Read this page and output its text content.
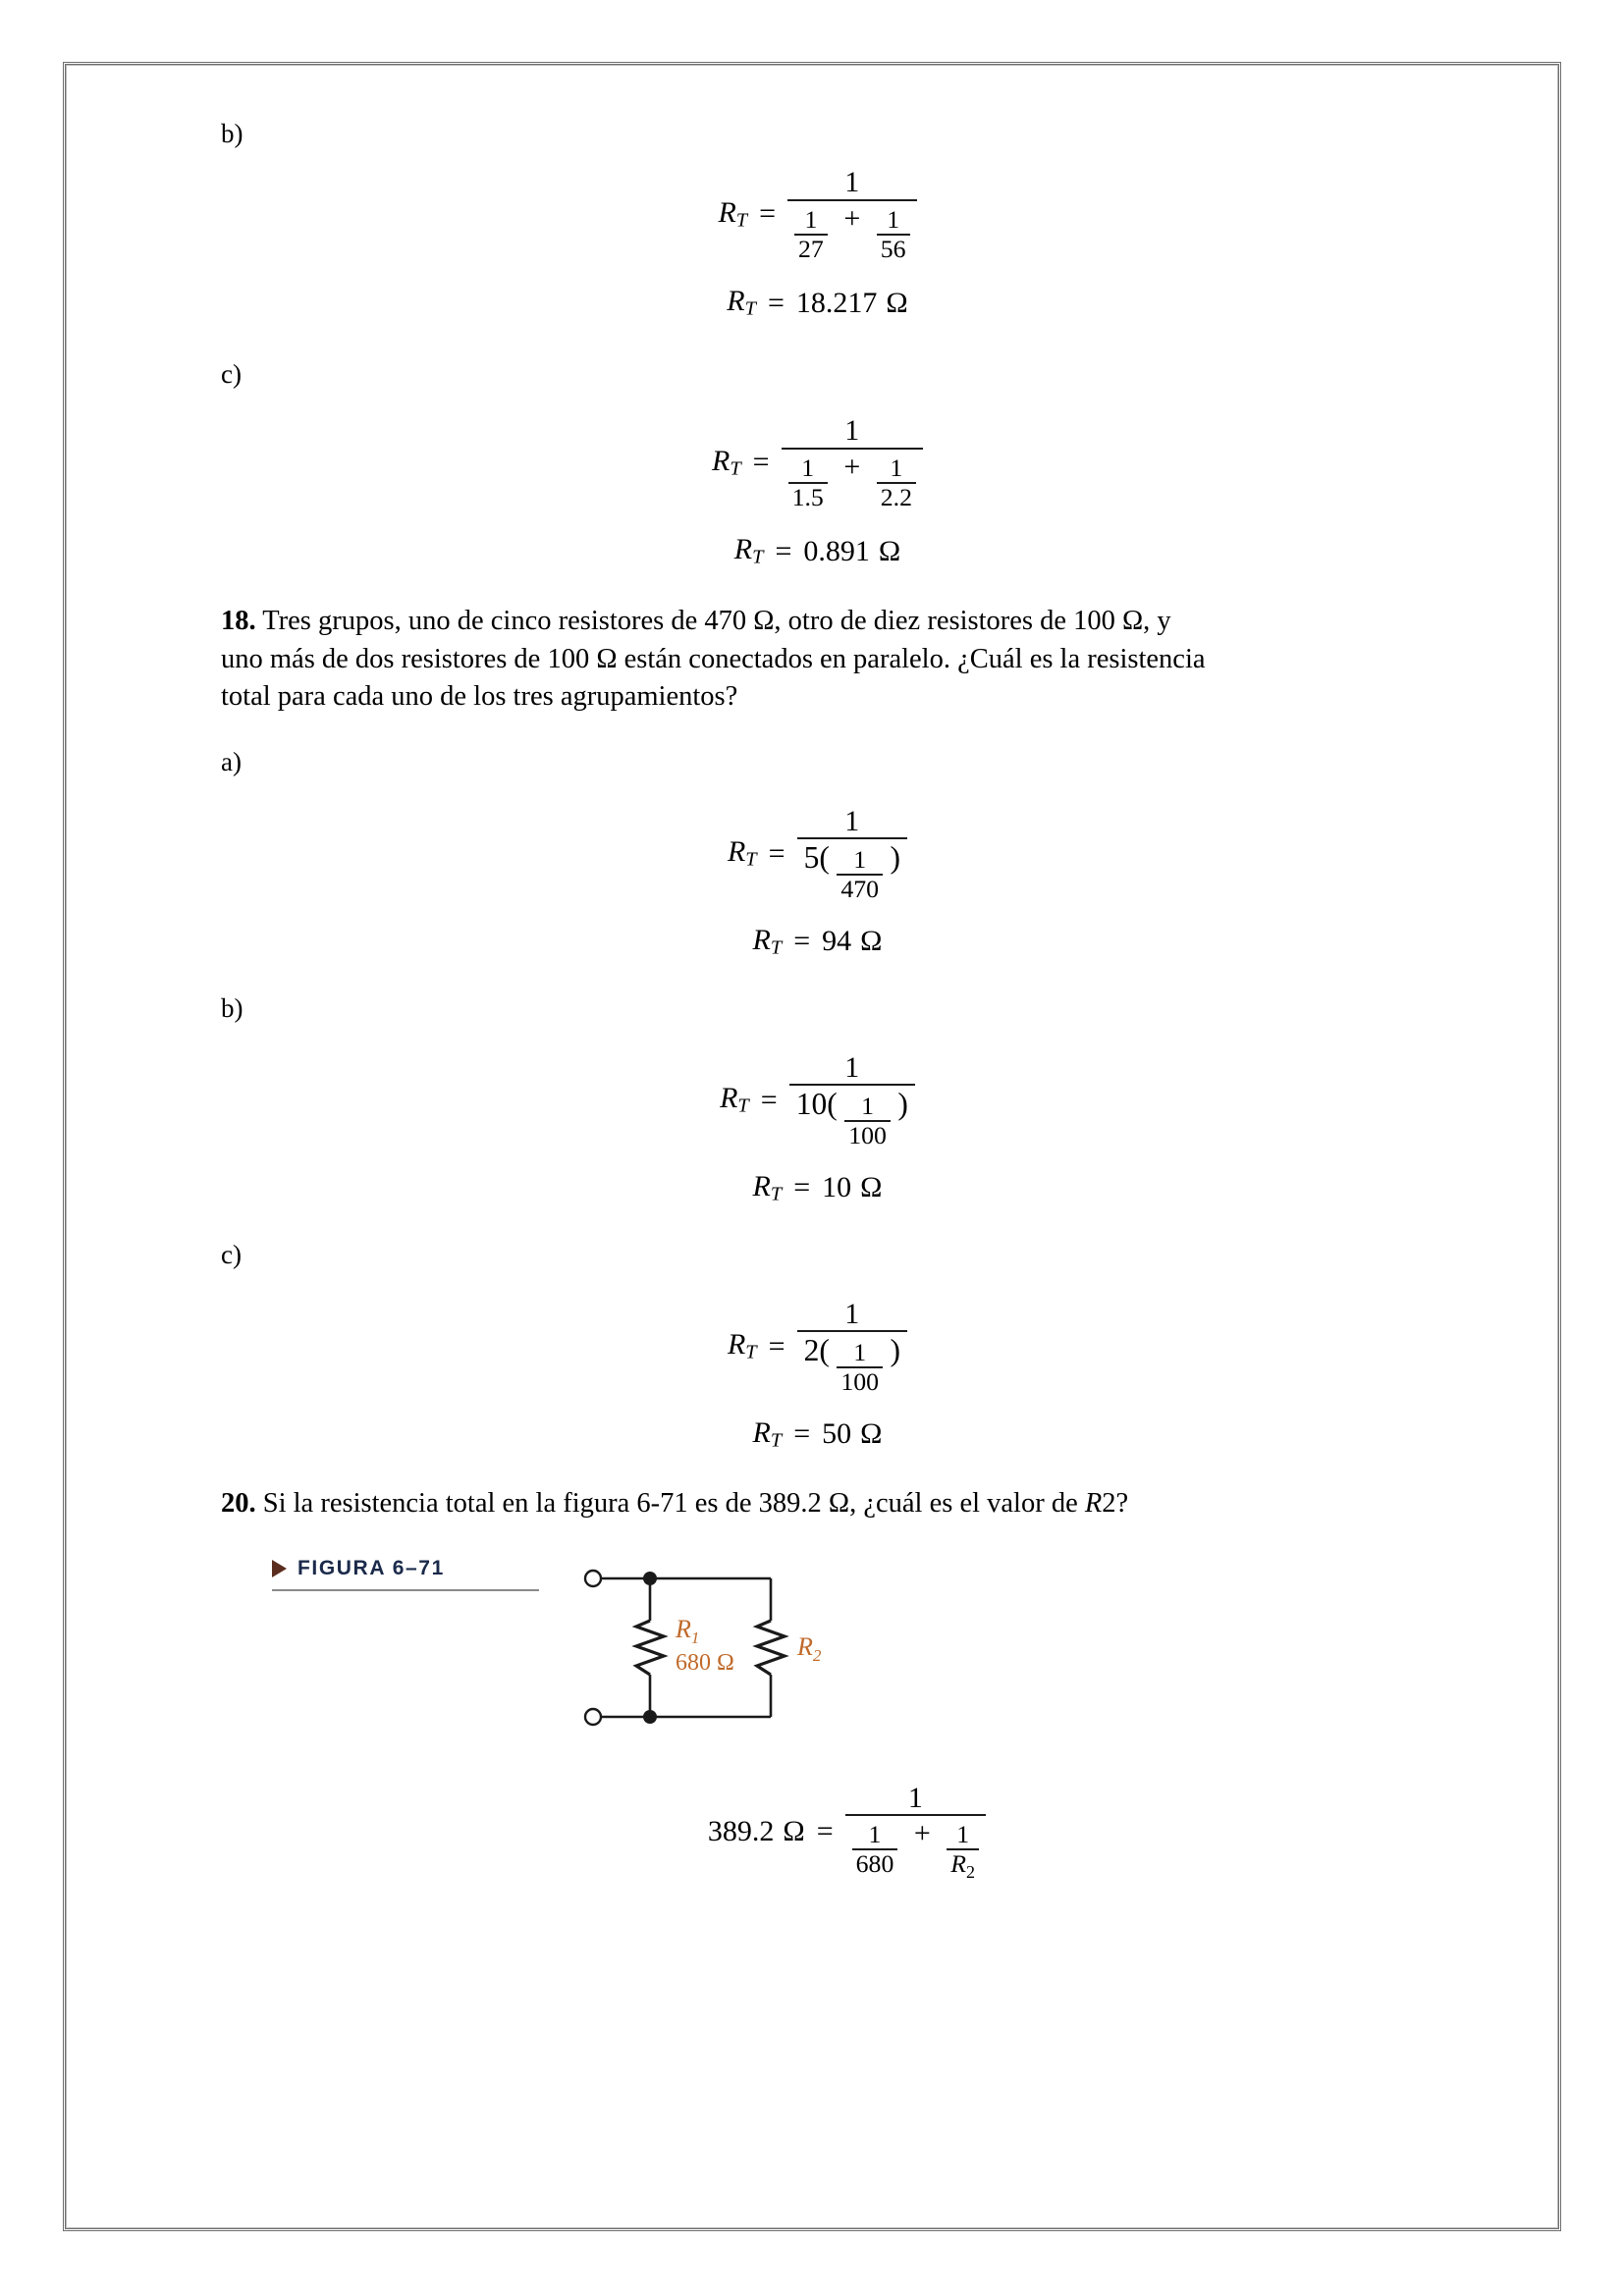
b)
$R_T$ =
1
$\frac{1}{27} + \frac{1}{56}$
$R_T = 18.217$ Ω
c)
$R_T$ =
1
$\frac{1}{1.5} + \frac{1}{2.2}$
$R_T = 0.891$ Ω
18. Tres grupos, uno de cinco resistores de 470 Ω, otro de diez resistores de 100 Ω, y
uno más de dos resistores de 100 Ω están conectados en paralelo. ¿Cuál es la resistencia
total para cada uno de los tres agrupamientos?
a)
$R_T$ =
1
$5( \frac{1}{470}$ )
$R_T = 94$ Ω
b)
$R_T$ =
1
$10( \frac{1}{100}$ )
$R_T = 10$ Ω
c)
$R_T$ =
1
$2( \frac{1}{100}$ )
$R_T = 50$ Ω
20. Si la resistencia total en la figura 6-71 es de 389.2 Ω, ¿cuál es el valor de R2?
FIGURA 6–71
$R_1$
680 Ω
$R_2$
389.2 Ω =
1
$\frac{1}{680} + \frac{1}{R_2}$
